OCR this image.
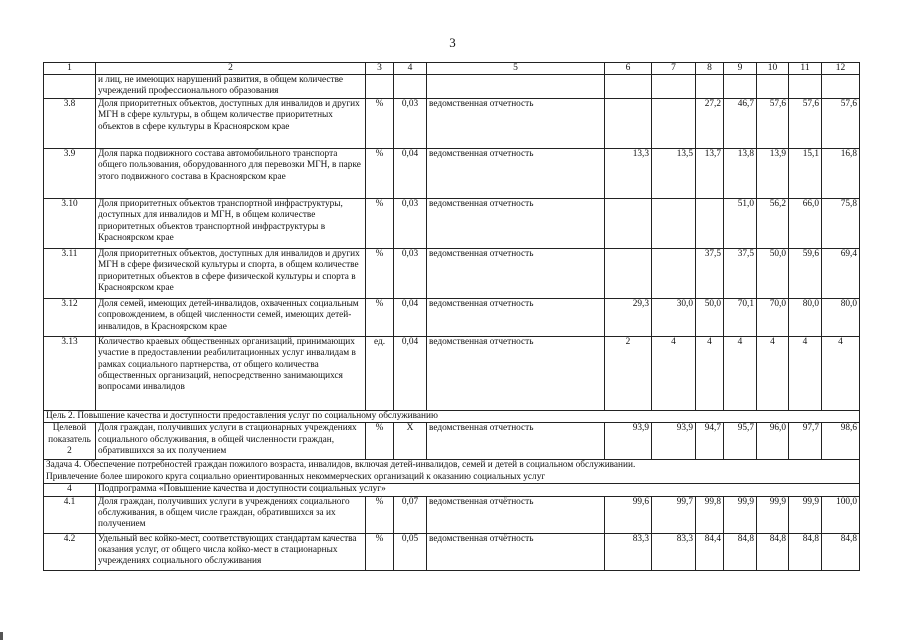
3
1	2	3	4	5	6	7	8	9	10	11	12
	и лиц, не имеющих нарушений развития, в общем количестве учреждений профессионального образования										
3.8	Доля приоритетных объектов, доступных для инвалидов и других МГН в сфере культуры, в общем количестве приоритетных объектов в сфере культуры в Красноярском крае	%	0,03	ведомственная отчетность			27,2	46,7	57,6	57,6	57,6
3.9	Доля парка подвижного состава автомобильного транспорта общего пользования, оборудованного для перевозки МГН, в парке этого подвижного состава в Красноярском крае	%	0,04	ведомственная отчетность	13,3	13,5	13,7	13,8	13,9	15,1	16,8
3.10	Доля приоритетных объектов транспортной инфраструктуры, доступных для инвалидов и МГН, в общем количестве приоритетных объектов транспортной инфраструктуры в Красноярском крае	%	0,03	ведомственная отчетность				51,0	56,2	66,0	75,8
3.11	Доля приоритетных объектов, доступных для инвалидов и других МГН в сфере физической культуры и спорта, в общем количестве приоритетных объектов в сфере физической культуры и спорта в Красноярском крае	%	0,03	ведомственная отчетность			37,5	37,5	50,0	59,6	69,4
3.12	Доля семей, имеющих детей-инвалидов, охваченных социальным сопровождением, в общей численности семей, имеющих детей-инвалидов, в Красноярском крае	%	0,04	ведомственная отчетность	29,3	30,0	50,0	70,1	70,0	80,0	80,0
3.13	Количество краевых общественных организаций, принимающих участие в предоставлении реабилитационных услуг инвалидам в рамках социального партнерства, от общего количества общественных организаций, непосредственно занимающихся вопросами инвалидов	ед.	0,04	ведомственная отчетность	2	4	4	4	4	4	4
Цель 2. Повышение качества и доступности предоставления услуг по социальному обслуживанию											
Целевой показатель 2	Доля граждан, получивших услуги в стационарных учреждениях социального обслуживания, в общей численности граждан, обратившихся за их получением	%	X	ведомственная отчетность	93,9	93,9	94,7	95,7	96,0	97,7	98,6

Задача 4. Обеспечение потребностей граждан пожилого возраста, инвалидов, включая детей-инвалидов, семей и детей в социальном обслуживании.
Привлечение более широкого круга социально ориентированных некоммерческих организаций к оказанию социальных услуг											

4	Подпрограмма «Повышение качества и доступности социальных услуг»										
4.1	Доля граждан, получивших услуги в учреждениях социального обслуживания, в общем числе граждан, обратившихся за их получением	%	0,07	ведомственная отчётность	99,6	99,7	99,8	99,9	99,9	99,9	100,0
4.2	Удельный вес койко-мест, соответствующих стандартам качества оказания услуг, от общего числа койко-мест в стационарных учреждениях социального обслуживания	%	0,05	ведомственная отчётность	83,3	83,3	84,4	84,8	84,8	84,8	84,8
